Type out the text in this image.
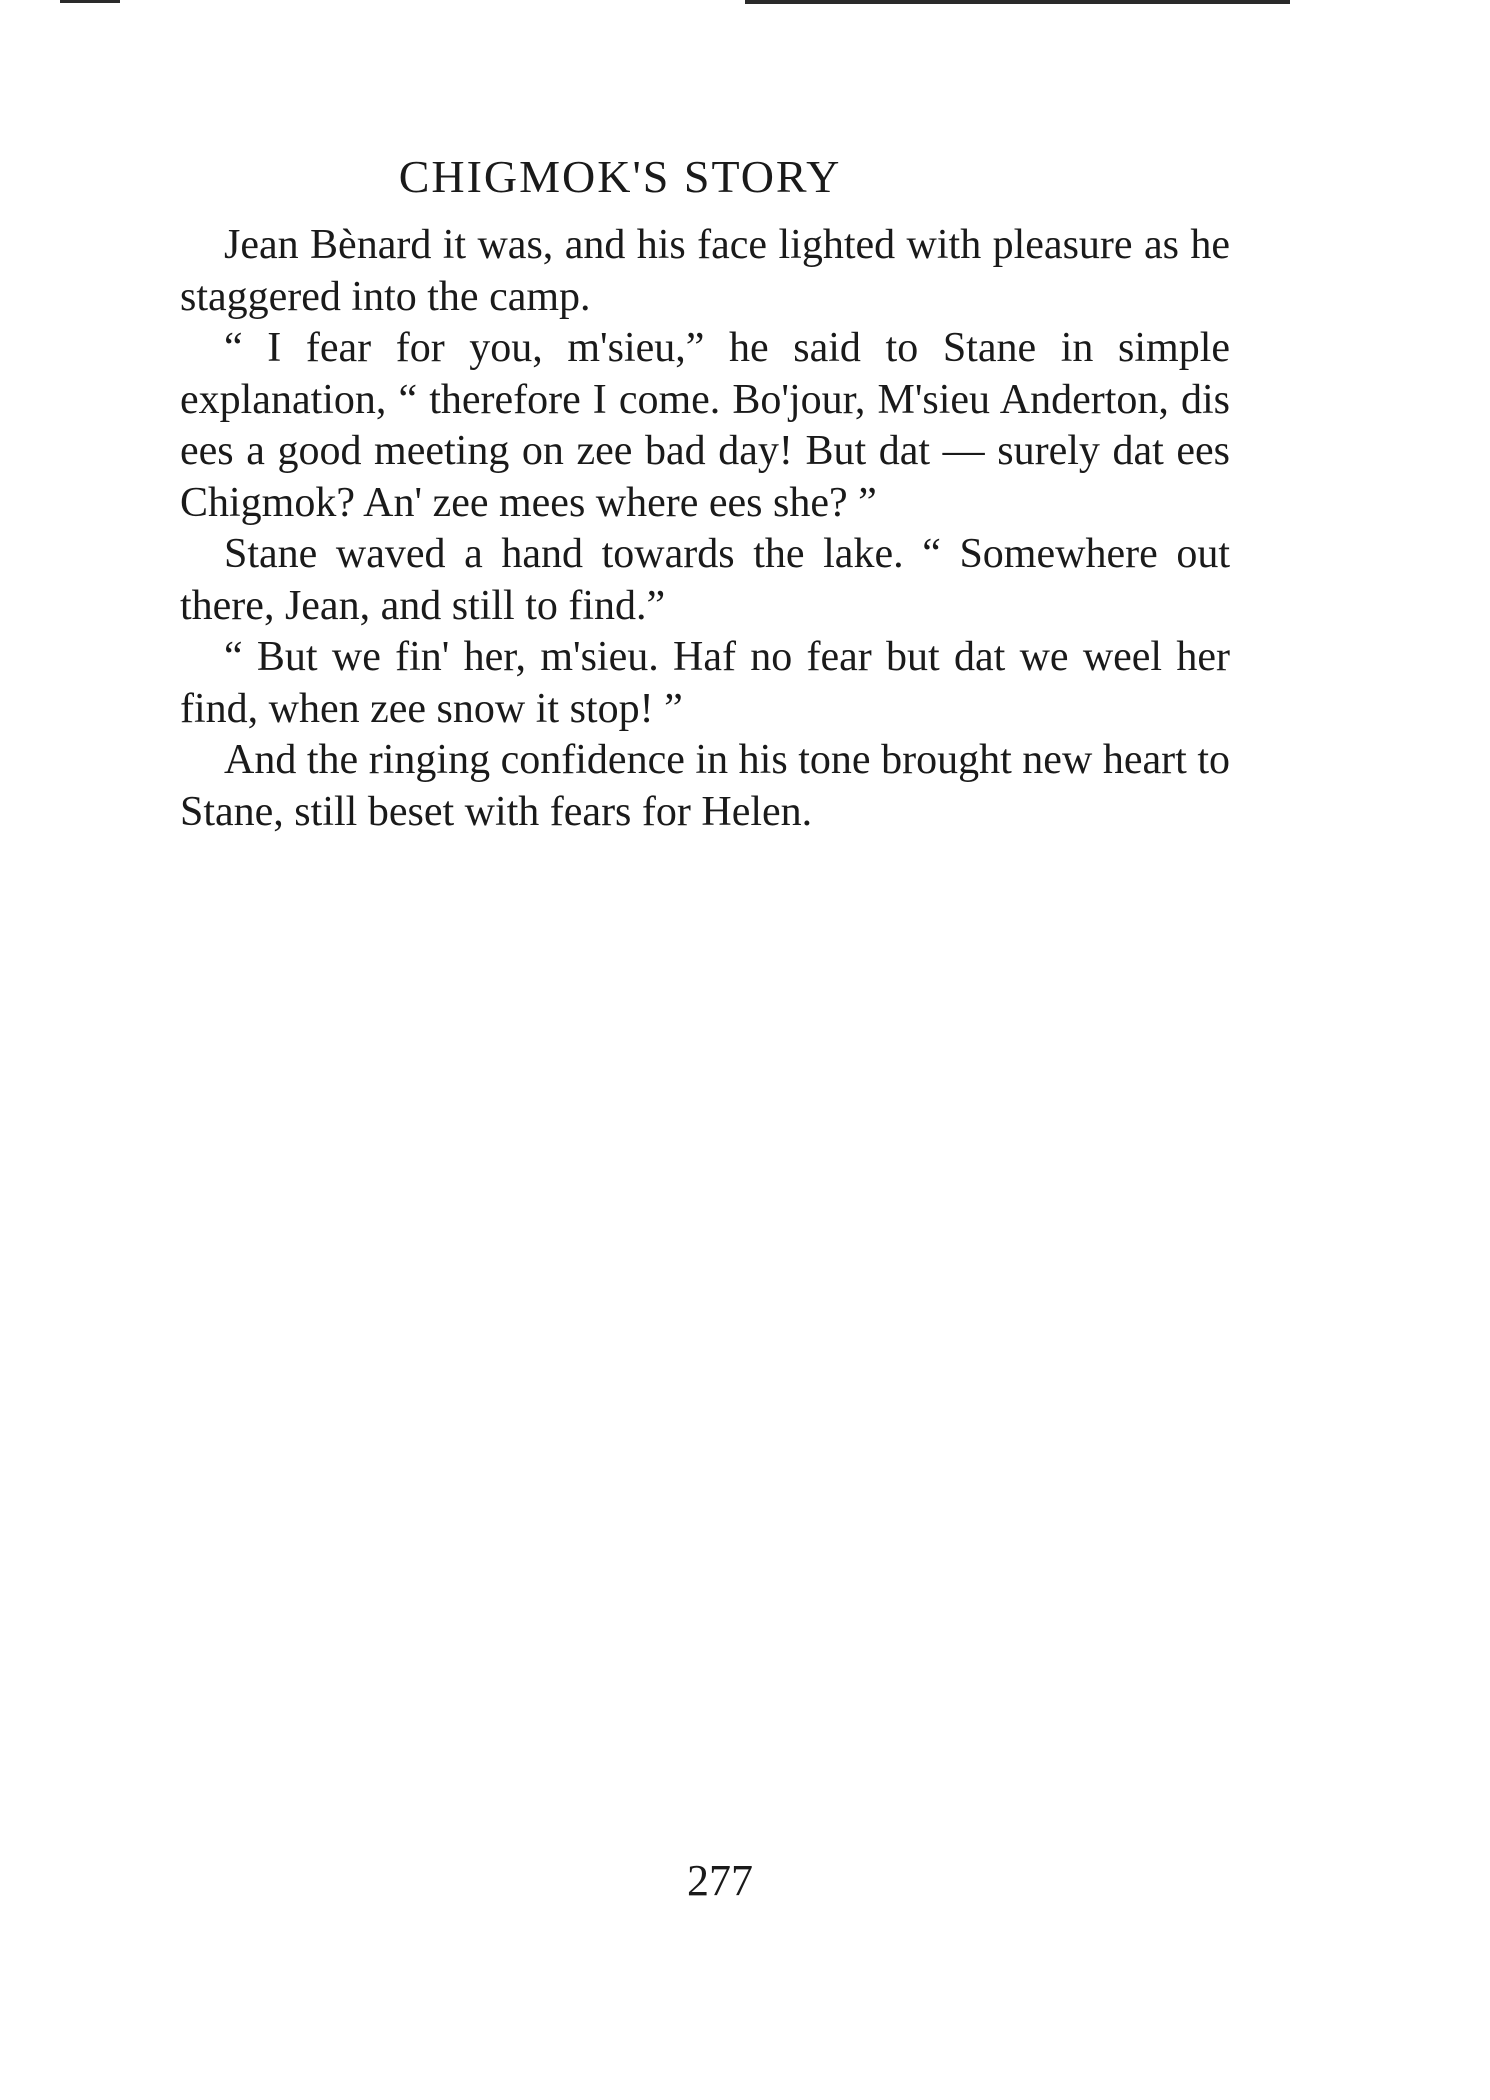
CHIGMOK'S STORY

Jean Bènard it was, and his face lighted with pleasure as he staggered into the camp.

“ I fear for you, m'sieu,” he said to Stane in simple explanation, “ therefore I come. Bo'jour, M'sieu Anderton, dis ees a good meeting on zee bad day! But dat — surely dat ees Chigmok? An' zee mees where ees she? ”

Stane waved a hand towards the lake. “ Somewhere out there, Jean, and still to find.”

“ But we fin' her, m'sieu. Haf no fear but dat we weel her find, when zee snow it stop! ”

And the ringing confidence in his tone brought new heart to Stane, still beset with fears for Helen.

277
